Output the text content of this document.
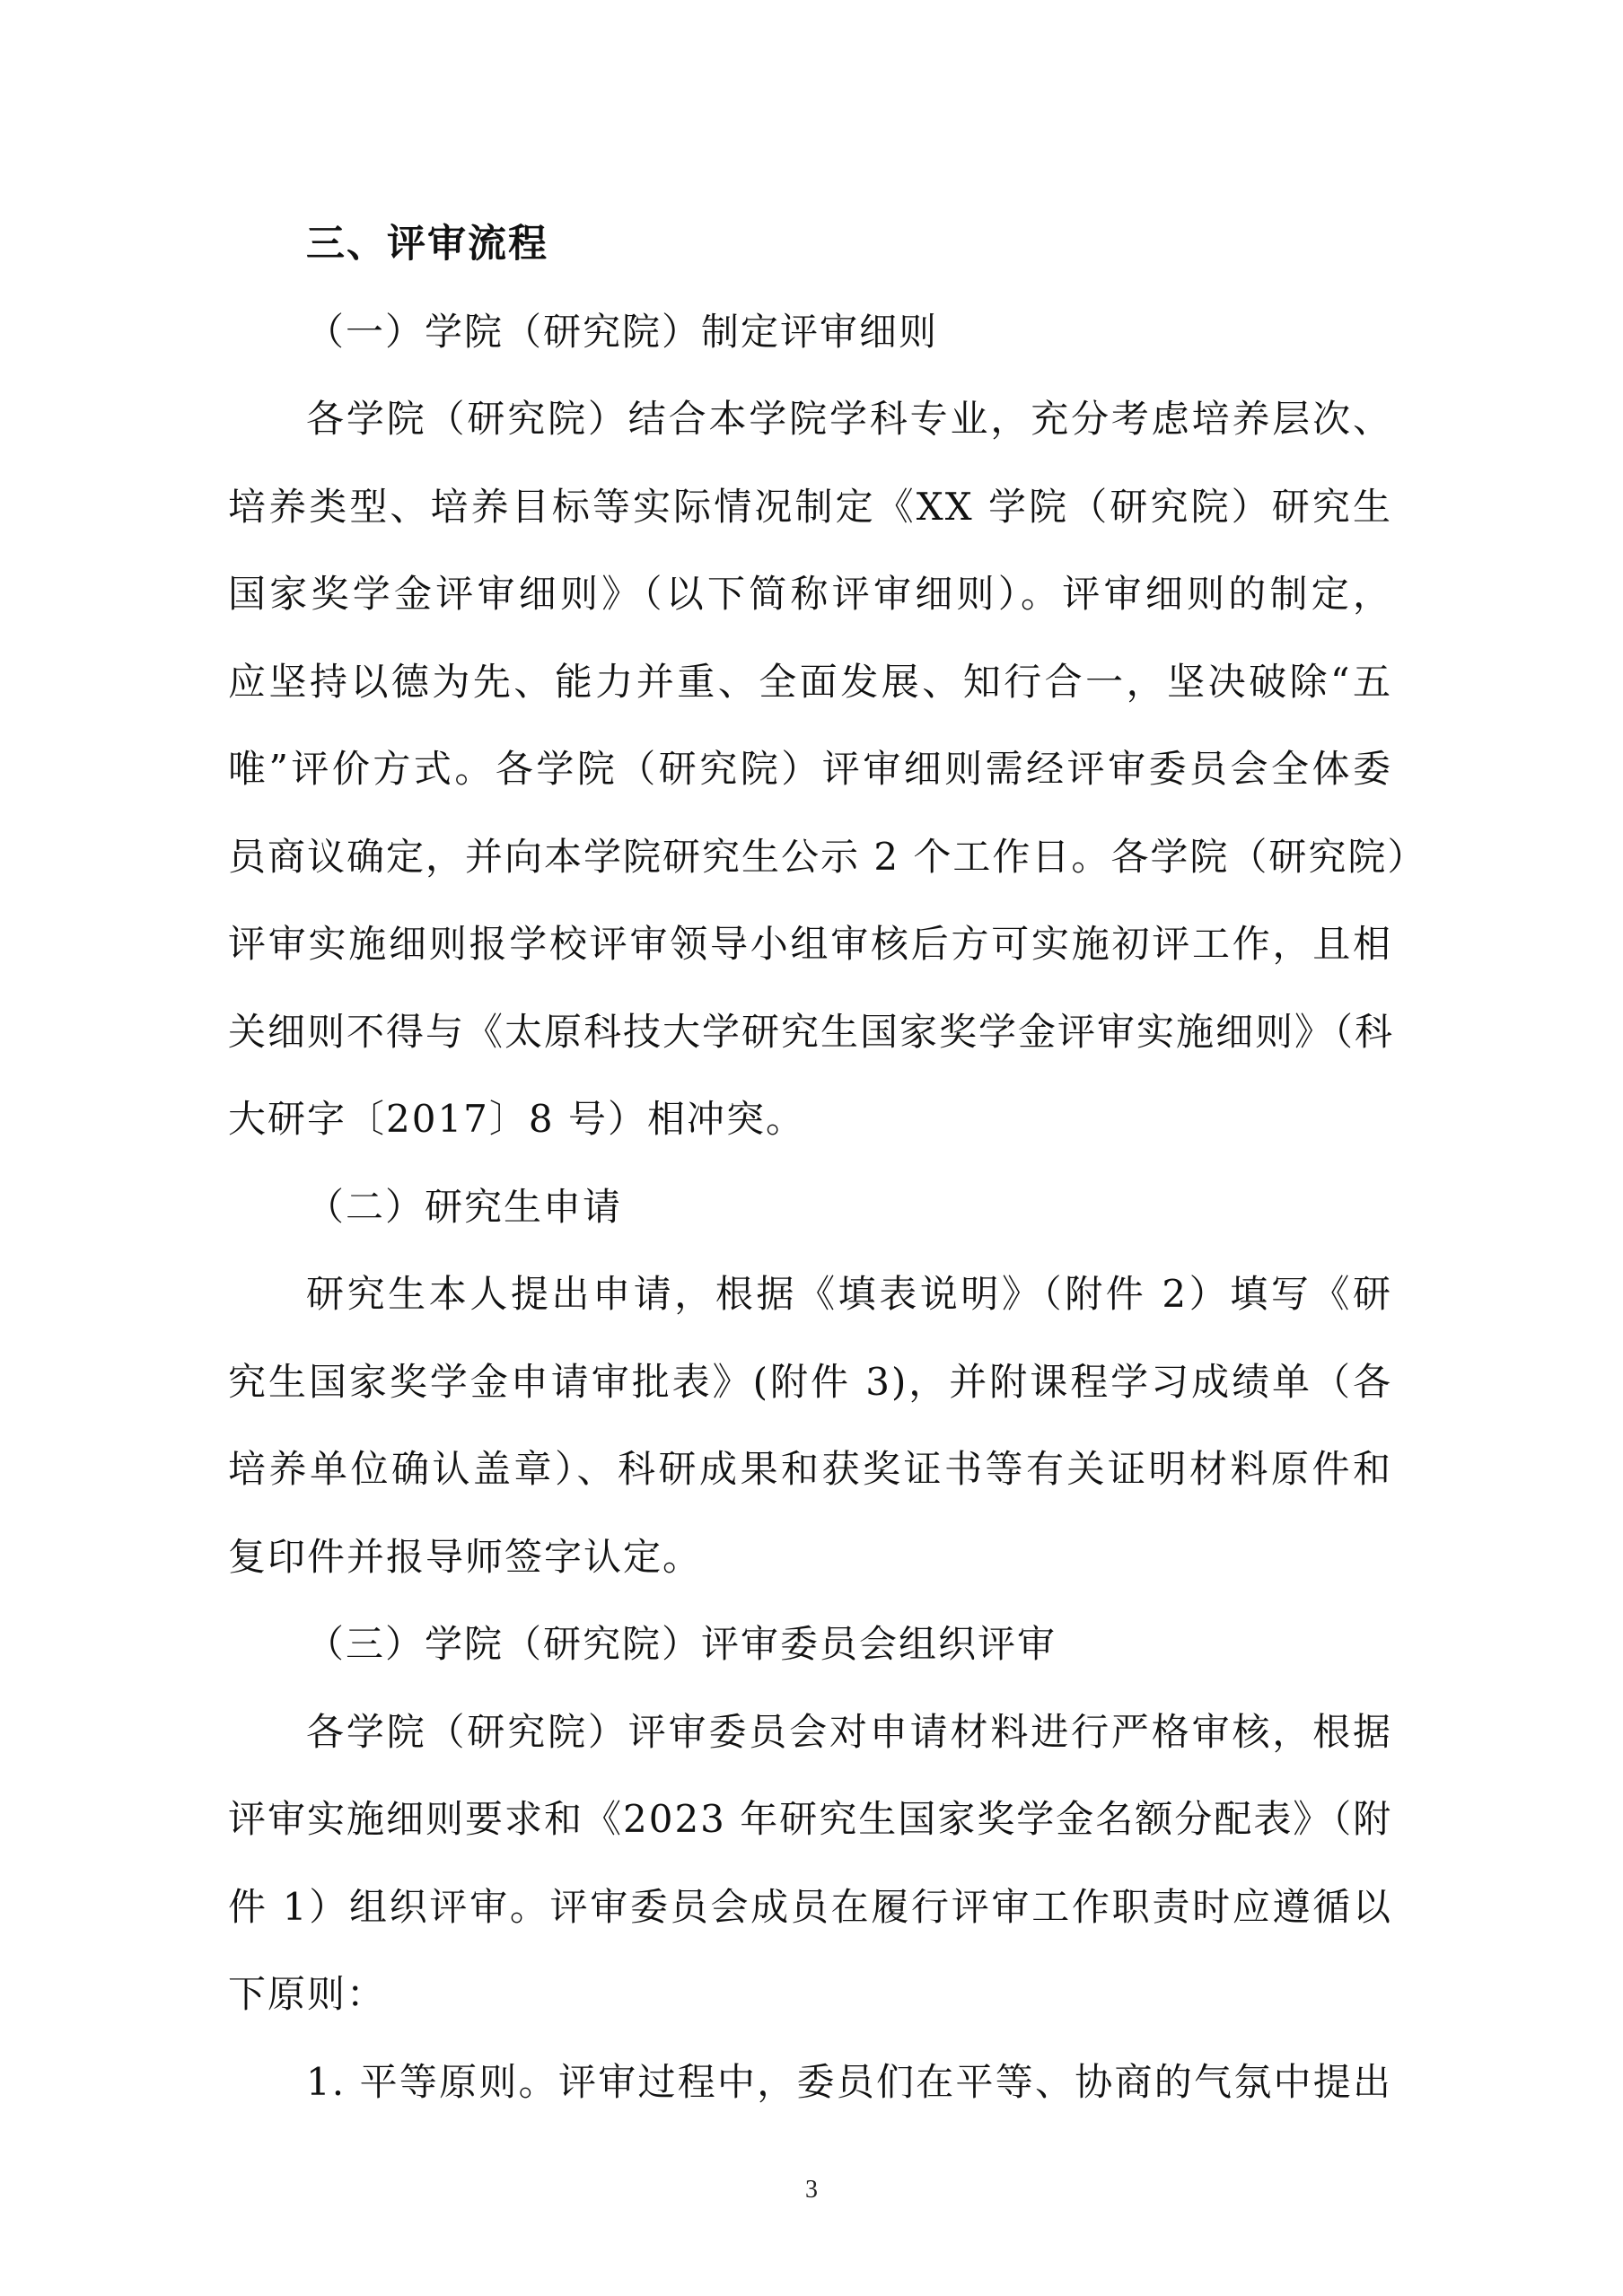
三、评审流程
（一）学院（研究院）制定评审细则
各学院（研究院）结合本学院学科专业，充分考虑培养层次、
培养类型、培养目标等实际情况制定《XX 学院（研究院）研究生
国家奖学金评审细则》（以下简称评审细则）。评审细则的制定，
应坚持以德为先、能力并重、全面发展、知行合一，坚决破除“五
唯”评价方式。各学院（研究院）评审细则需经评审委员会全体委
员商议确定，并向本学院研究生公示 2 个工作日。各学院（研究院）
评审实施细则报学校评审领导小组审核后方可实施初评工作，且相
关细则不得与《太原科技大学研究生国家奖学金评审实施细则》（科
大研字〔2017〕8 号）相冲突。
（二）研究生申请
研究生本人提出申请，根据《填表说明》（附件 2）填写《研
究生国家奖学金申请审批表》(附件 3)，并附课程学习成绩单（各
培养单位确认盖章）、科研成果和获奖证书等有关证明材料原件和
复印件并报导师签字认定。
（三）学院（研究院）评审委员会组织评审
各学院（研究院）评审委员会对申请材料进行严格审核，根据
评审实施细则要求和《2023 年研究生国家奖学金名额分配表》（附
件 1）组织评审。评审委员会成员在履行评审工作职责时应遵循以
下原则：
1. 平等原则。评审过程中，委员们在平等、协商的气氛中提出
3
